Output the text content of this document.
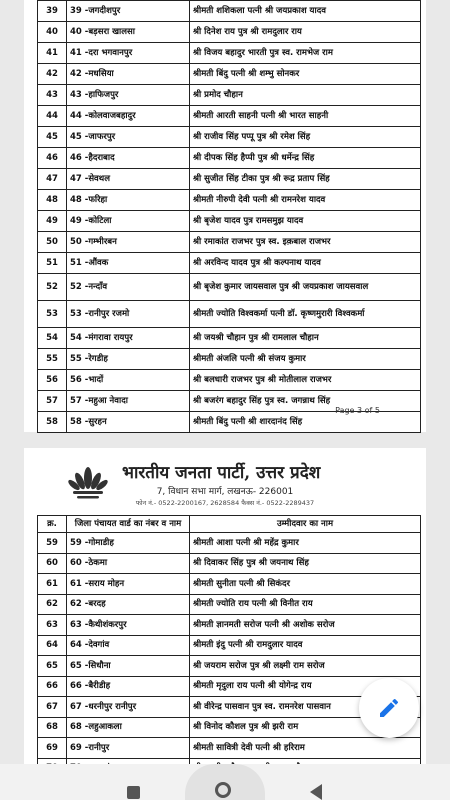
39	39 -जगदीशपुर	श्रीमती शशिकला पत्नी श्री जयप्रकाश यादव
40	40 -बड़सरा खालसा	श्री दिनेश राय पुत्र श्री रामदुलार राय
41	41 -दरा भगवानपुर	श्री विजय बहादुर भारती पुत्र स्व. रामभेज राम
42	42 -मधसिया	श्रीमती बिंदु पत्नी श्री शम्भु सोनकर
43	43 -हाफिजपुर	श्री प्रमोद चौहान
44	44 -कोलवाजबहादुर	श्रीमती आरती साहनी पत्नी श्री भारत साहनी
45	45 -जाफरपुर	श्री राजीव सिंह पप्पू पुत्र श्री रमेश सिंह
46	46 -हैदराबाद	श्री दीपक सिंह हैप्पी पुत्र श्री धर्मेन्द्र सिंह
47	47 -सेवथल	श्री सुजीत सिंह टीका पुत्र श्री रूद्र प्रताप सिंह
48	48 -फरिहा	श्रीमती नीरुपी देवी पत्नी श्री रामनरेश यादव
49	49 -कोटिला	श्री बृजेश यादव पुत्र रामसमुझ यादव
50	50 -गम्भीरबन	श्री रमाकांत राजभर पुत्र स्व. इक़बाल राजभर
51	51 -औंवक	श्री अरविन्द यादव पुत्र श्री कल्पनाथ यादव
52	52 -नन्दाँव	श्री बृजेश कुमार जायसवाल पुत्र श्री जयप्रकाश जायसवाल
53	53 -रानीपुर रजमो	श्रीमती ज्योति विश्वकर्मा पत्नी डॉ. कृष्णमुरारी विश्वकर्मा
54	54 -मंगरावा रायपुर	श्री जयश्री चौहान पुत्र श्री रामलाल चौहान
55	55 -रेगडीह	श्रीमती अंजलि पत्नी श्री संजय कुमार
56	56 -भादों	श्री बलधारी राजभर पुत्र श्री मोतीलाल राजभर
57	57 -महुआ नेवादा	श्री बजरंग बहादुर सिंह पुत्र स्व. जगन्नाथ सिंह
58	58 -सुरहन	श्रीमती बिंदु पत्नी श्री शारदानंद सिंह
Page 3 of 5
भारतीय जनता पार्टी, उत्तर प्रदेश
7, विधान सभा मार्ग, लखनऊ- 226001
फोन नं.- 0522-2200167, 2628584 फैक्स नं.- 0522-2289437
क्र.	जिला पंचायत वार्ड का नंबर व नाम	उम्मीदवार का नाम
59	59 -गोमाडीह	श्रीमती आशा पत्नी श्री महेंद्र कुमार
60	60 -ठेकमा	श्री दिवाकर सिंह पुत्र श्री जयनाथ सिंह
61	61 -सराय मोहन	श्रीमती सुनीता पत्नी श्री सिकंदर
62	62 -बरदह	श्रीमती ज्योति राय पत्नी श्री विनीत राय
63	63 -कैथीशंकरपुर	श्रीमती ज्ञानमती सरोज पत्नी श्री अशोक सरोज
64	64 -देवगांव	श्रीमती इंदु पत्नी श्री रामदुलार यादव
65	65 -सिधौना	श्री जयराम सरोज पुत्र श्री लक्ष्मी राम सरोज
66	66 -बैरीडीह	श्रीमती मृदुला राय पत्नी श्री योगेन्द्र राय
67	67 -धरनीपुर रानीपुर	श्री वीरेन्द्र पासवान पुत्र स्व. रामनरेश पासवान
68	68 -लहुआकला	श्री विनोद कौशल पुत्र श्री झरी राम
69	69 -रानीपुर	श्रीमती सावित्री देवी पत्नी श्री हरिराम
